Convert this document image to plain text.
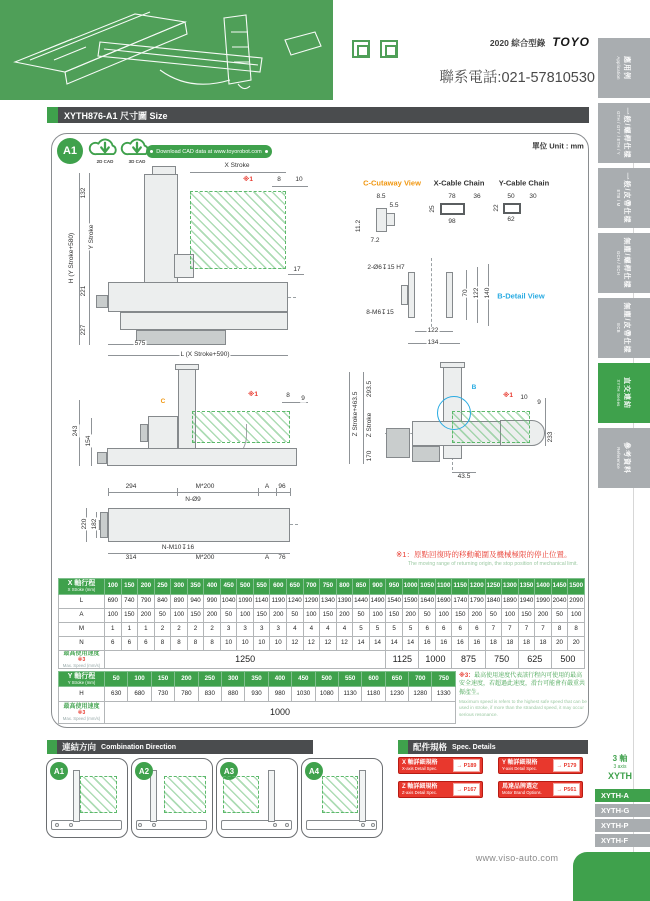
2020 綜合型錄 TOYO
聯系電話:021-57810530
XYTH876-A1 尺寸圖 Size
A1
2D CAD	3D CAD
Download CAD data at www.toyorobot.com
單位 Unit : mm
X Stroke
※1	8 10
17
132
Y Stroke
H (Y Stroke+580)
221
227
575
L (X Stroke+590)
C-Cutaway View
8.5
5.5
11.2
7.2
X-Cable Chain
78	36
25
98
Y-Cable Chain
50 30
22
62
2-Ø6↧15 H7
8-M6↧15
70 122 140 B-Detail View
122
134
C
※1	8 9
243
154
Z Stroke+463.5
293.5
Z Stroke
170
B
※1 10
9
233
43.5
294	M*200	A 96
N-Ø9
220 182
N-M10↧16
314	M*200	A 76	※1：原點回復時的移動範圍及機械極限的停止位置。
The moving range of returning origin, the stop position of mechanical limit.
X 軸行程
X Stroke (mm)	100	150	200	250	300	350	400	450	500	550	600	650	700	750	800	850	900	950	1000	1050	1100	1150	1200	1250	1300	1350	1400	1450	1500
L	690	740	790	840	890	940	990	1040	1090	1140	1190	1240	1290	1340	1390	1440	1490	1540	1590	1640	1690	1740	1790	1840	1890	1940	1990	2040	2090
A	100	150	200	50	100	150	200	50	100	150	200	50	100	150	200	50	100	150	200	50	100	150	200	50	100	150	200	50	100
M	1	1	1	2	2	2	2	3	3	3	3	4	4	4	4	5	5	5	5	6	6	6	6	7	7	7	7	8	8
N	6	6	6	8	8	8	8	10	10	10	10	12	12	12	12	14	14	14	14	16	16	16	16	18	18	18	18	20	20

最高使用速度 ※3
Max. Speed (mm/s)	1250																	1125		1000		875		750		625		500	
Y 軸行程
Y Stroke (mm)	50	100	150	200	250	300	350	400	450	500	550	600	650	700	750
H	630	680	730	780	830	880	930	980	1030	1080	1130	1180	1230	1280	1330

最高使用速度 ※3
Max. Speed (mm/s)	1000														
※3：最高使用速度代表該行程內可使用的最高安全速度，若超過此速度，滑台可能會有嚴重共振產生。
Maximum speed is refers to the highest safe speed that can be used in stroke, if more than the strandard speed, it may occur serious resonance.
連結方向 Combination Direction	配件規格 Spec. Details
3 軸
3 axis
XYTH
www.viso-auto.com
應用例
Application
一般/螺桿仕樣
GTH / GTY / ETH / Y
一般/皮帶仕樣
ETB / M
無塵/螺桿仕樣
GCH / ECH
無塵/皮帶仕樣
ECB
直交連結
XYTH Series
參考資料
Reference
A1	A2	A3	A4
X 軸詳細規格
X-axis Detail Spec.	→ P189	Y 軸詳細規格
Y-axis Detail Spec.	→ P179
Z 軸詳細規格
Z-axis Detail Spec.	→ P167	馬達品牌選定
Motor Brand Options.	→ P561
XYTH-A
XYTH-G
XYTH-P
XYTH-F
